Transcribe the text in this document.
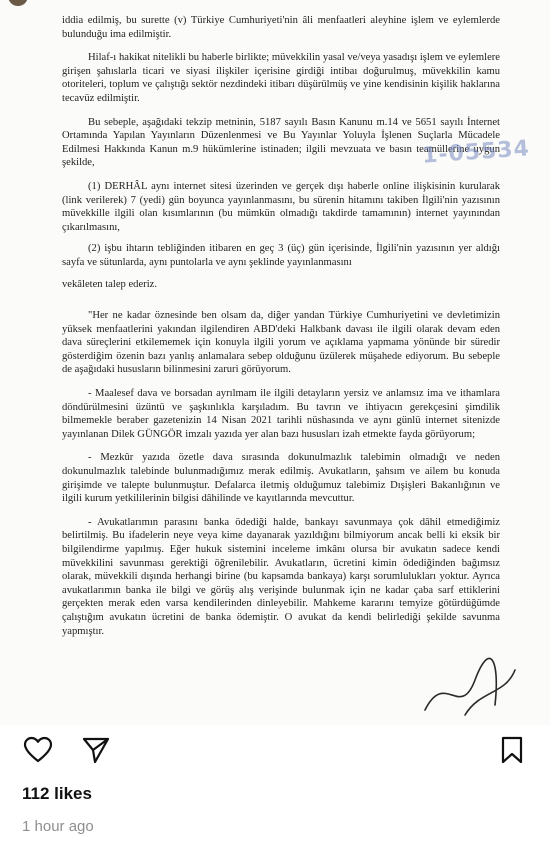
iddia edilmiş, bu surette (v) Türkiye Cumhuriyeti'nin âli menfaatleri aleyhine işlem ve eylemlerde bulunduğu ima edilmiştir.

Hilaf-ı hakikat nitelikli bu haberle birlikte; müvekkilin yasal ve/veya yasadışı işlem ve eylemlere girişen şahıslarla ticari ve siyasi ilişkiler içerisine girdiği intibaı doğurulmuş, müvekkilin kamu otoriteleri, toplum ve çalıştığı sektör nezdindeki itibarı düşürülmüş ve yine kendisinin kişilik haklarına tecavüz edilmiştir.

Bu sebeple, aşağıdaki tekzip metninin, 5187 sayılı Basın Kanunu m.14 ve 5651 sayılı İnternet Ortamında Yapılan Yayınların Düzenlenmesi ve Bu Yayınlar Yoluyla İşlenen Suçlarla Mücadele Edilmesi Hakkında Kanun m.9 hükümlerine istinaden; ilgili mevzuata ve basın teamüllerine uygun şekilde,

(1) DERHÂL aynı internet sitesi üzerinden ve gerçek dışı haberle online ilişkisinin kurularak (link verilerek) 7 (yedi) gün boyunca yayınlanmasını, bu sürenin hitamını takiben İlgili'nin yazısının müvekkille ilgili olan kısımlarının (bu mümkün olmadığı takdirde tamamının) internet yayınından çıkarılmasını,

(2) işbu ihtarın tebliğinden itibaren en geç 3 (üç) gün içerisinde, İlgili'nin yazısının yer aldığı sayfa ve sütunlarda, aynı puntolarla ve aynı şeklinde yayınlanmasını

vekâleten talep ederiz.

"Her ne kadar öznesinde ben olsam da, diğer yandan Türkiye Cumhuriyetini ve devletimizin yüksek menfaatlerini yakından ilgilendiren ABD'deki Halkbank davası ile ilgili olarak devam eden dava süreçlerini etkilememek için konuyla ilgili yorum ve açıklama yapmama yönünde bir süredir gösterdiğim özenin bazı yanlış anlamalara sebep olduğunu üzülerek müşahede ediyorum. Bu sebeple de aşağıdaki hususların bilinmesini zaruri görüyorum.

- Maalesef dava ve borsadan ayrılmam ile ilgili detayların yersiz ve anlamsız ima ve ithamlara döndürülmesini üzüntü ve şaşkınlıkla karşıladım. Bu tavrın ve ihtiyacın gerekçesini şimdilik bilmemekle beraber gazetenizin 14 Nisan 2021 tarihli nüshasında ve aynı günlü internet sitenizde yayınlanan Dilek GÜNGÖR imzalı yazıda yer alan bazı hususları izah etmekte fayda görüyorum;

- Mezkûr yazıda özetle dava sırasında dokunulmazlık talebimin olmadığı ve neden dokunulmazlık talebinde bulunmadığımız merak edilmiş. Avukatların, şahsım ve ailem bu konuda girişimde ve talepte bulunmuştur. Defalarca iletmiş olduğumuz talebimiz Dışişleri Bakanlığının ve ilgili kurum yetkililerinin bilgisi dâhilinde ve kayıtlarında mevcuttur.

- Avukatlarımın parasını banka ödediği halde, bankayı savunmaya çok dâhil etmediğimiz belirtilmiş. Bu ifadelerin neye veya kime dayanarak yazıldığını bilmiyorum ancak belli ki eksik bir bilgilendirme yapılmış. Eğer hukuk sistemini inceleme imkânı olursa bir avukatın sadece kendi müvekkilini savunması gerektiği öğrenilebilir. Avukatların, ücretini kimin ödediğinden bağımsız olarak, müvekkili dışında herhangi birine (bu kapsamda bankaya) karşı sorumlulukları yoktur. Ayrıca avukatlarımın banka ile bilgi ve görüş alış verişinde bulunmak için ne kadar çaba sarf ettiklerini gerçekten merak eden varsa kendilerinden dinleyebilir. Mahkeme kararını temyize götürdüğümde çalıştığım avukatın ücretini de banka ödemiştir. O avukat da kendi belirlediği şekilde savunma yapmıştır.

1-05534
112 likes
1 hour ago
